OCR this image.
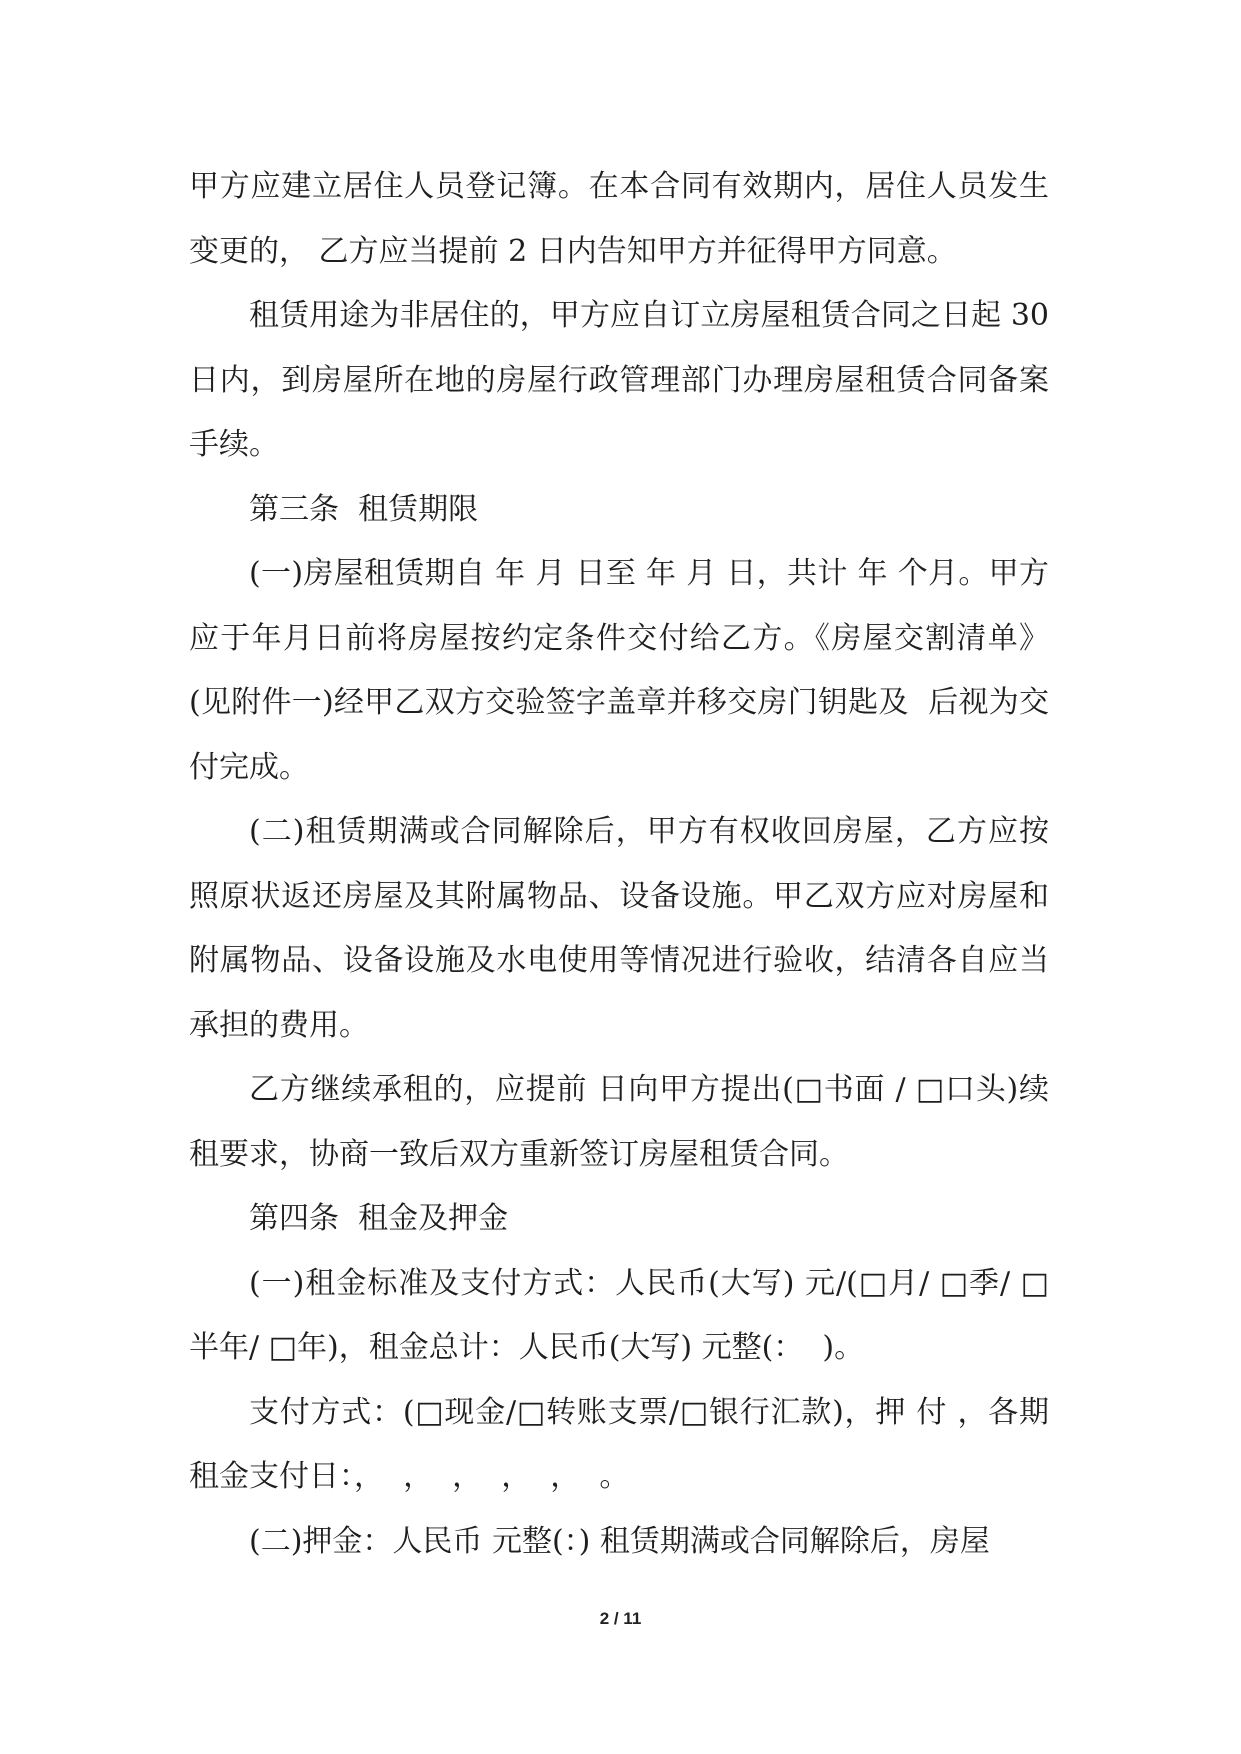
甲方应建立居住人员登记簿。在本合同有效期内，居住人员发生变更的， 乙方应当提前 2 日内告知甲方并征得甲方同意。

租赁用途为非居住的，甲方应自订立房屋租赁合同之日起 30 日内，到房屋所在地的房屋行政管理部门办理房屋租赁合同备案手续。

第三条  租赁期限

(一)房屋租赁期自 年 月 日至 年 月 日，共计 年 个月。甲方应于年月日前将房屋按约定条件交付给乙方。《房屋交割清单》(见附件一)经甲乙双方交验签字盖章并移交房门钥匙及  后视为交付完成。

(二)租赁期满或合同解除后，甲方有权收回房屋，乙方应按照原状返还房屋及其附属物品、设备设施。甲乙双方应对房屋和附属物品、设备设施及水电使用等情况进行验收，结清各自应当承担的费用。

乙方继续承租的，应提前 日向甲方提出(□书面 / □口头)续租要求，协商一致后双方重新签订房屋租赁合同。

第四条  租金及押金

(一)租金标准及支付方式：人民币(大写) 元/(□月/ □季/ □半年/ □年)，租金总计：人民币(大写) 元整(：  )。

支付方式：(□现金/□转账支票/□银行汇款)，押 付 ，各期租金支付日：，  ，  ，  ，  ，  。

(二)押金：人民币 元整(：) 租赁期满或合同解除后，房屋

2 / 11
